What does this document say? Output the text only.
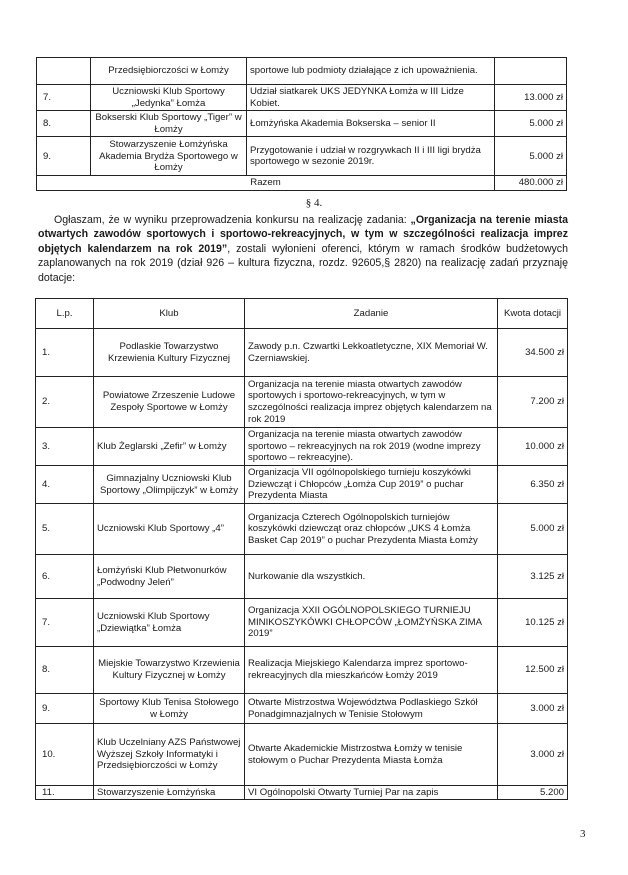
	Przedsiębiorczości w Łomży	sportowe lub podmioty działające z ich upoważnienia.	
7.	Uczniowski Klub Sportowy „Jedynka” Łomża	Udział siatkarek UKS JEDYNKA Łomża w III Lidze Kobiet.	13.000 zł
8.	Bokserski Klub Sportowy „Tiger” w Łomży	Łomżyńska Akademia Bokserska – senior II	5.000 zł
9.	Stowarzyszenie Łomżyńska Akademia Brydża Sportowego w Łomży	Przygotowanie i udział w rozgrywkach II i III ligi brydża sportowego w sezonie 2019r.	5.000 zł
Razem			480.000 zł
§ 4.

Ogłaszam, że w wyniku przeprowadzenia konkursu na realizację zadania: „Organizacja na terenie miasta otwartych zawodów sportowych i sportowo-rekreacyjnych, w tym w szczególności realizacja imprez objętych kalendarzem na rok 2019”, zostali wyłonieni oferenci, którym w ramach środków budżetowych zaplanowanych na rok 2019 (dział 926 – kultura fizyczna, rozdz. 92605,§ 2820) na realizację zadań przyznaję dotacje:

L.p.	Klub	Zadanie	Kwota dotacji
1.	Podlaskie Towarzystwo Krzewienia Kultury Fizycznej	Zawody p.n. Czwartki Lekkoatletyczne, XIX Memoriał W. Czerniawskiej.	34.500 zł
2.	Powiatowe Zrzeszenie Ludowe Zespoły Sportowe w Łomży	Organizacja na terenie miasta otwartych zawodów sportowych i sportowo-rekreacyjnych, w tym w szczególności realizacja imprez objętych kalendarzem na rok 2019	7.200 zł
3.	Klub Żeglarski „Zefir” w Łomży	Organizacja na terenie miasta otwartych zawodów sportowo – rekreacyjnych na rok 2019 (wodne imprezy sportowo – rekreacyjne).	10.000 zł
4.	Gimnazjalny Uczniowski Klub Sportowy „Olimpijczyk” w Łomży	Organizacja VII ogólnopolskiego turnieju koszykówki Dziewcząt i Chłopców „Łomża Cup 2019” o puchar Prezydenta Miasta	6.350 zł
5.	Uczniowski Klub Sportowy „4”	Organizacja Czterech Ogólnopolskich turniejów koszykówki dziewcząt oraz chłopców „UKS 4 Łomża Basket Cap 2019” o puchar Prezydenta Miasta Łomży	5.000 zł
6.	Łomżyński Klub Płetwonurków „Podwodny Jeleń”	Nurkowanie dla wszystkich.	3.125 zł
7.	Uczniowski Klub Sportowy „Dziewiątka” Łomża	Organizacja XXII OGÓLNOPOLSKIEGO TURNIEJU MINIKOSZYKÓWKI CHŁOPCÓW „ŁOMŻYŃSKA ZIMA 2019”	10.125 zł
8.	Miejskie Towarzystwo Krzewienia Kultury Fizycznej w Łomży	Realizacja Miejskiego Kalendarza imprez sportowo-rekreacyjnych dla mieszkańców Łomży 2019	12.500 zł
9.	Sportowy Klub Tenisa Stołowego w Łomży	Otwarte Mistrzostwa Województwa Podlaskiego Szkół Ponadgimnazjalnych w Tenisie Stołowym	3.000 zł
10.	Klub Uczelniany AZS Państwowej Wyższej Szkoły Informatyki i Przedsiębiorczości w Łomży	Otwarte Akademickie Mistrzostwa Łomży w tenisie stołowym o Puchar Prezydenta Miasta Łomża	3.000 zł
11.	Stowarzyszenie Łomżyńska	VI Ogólnopolski Otwarty Turniej Par na zapis	5.200
3
